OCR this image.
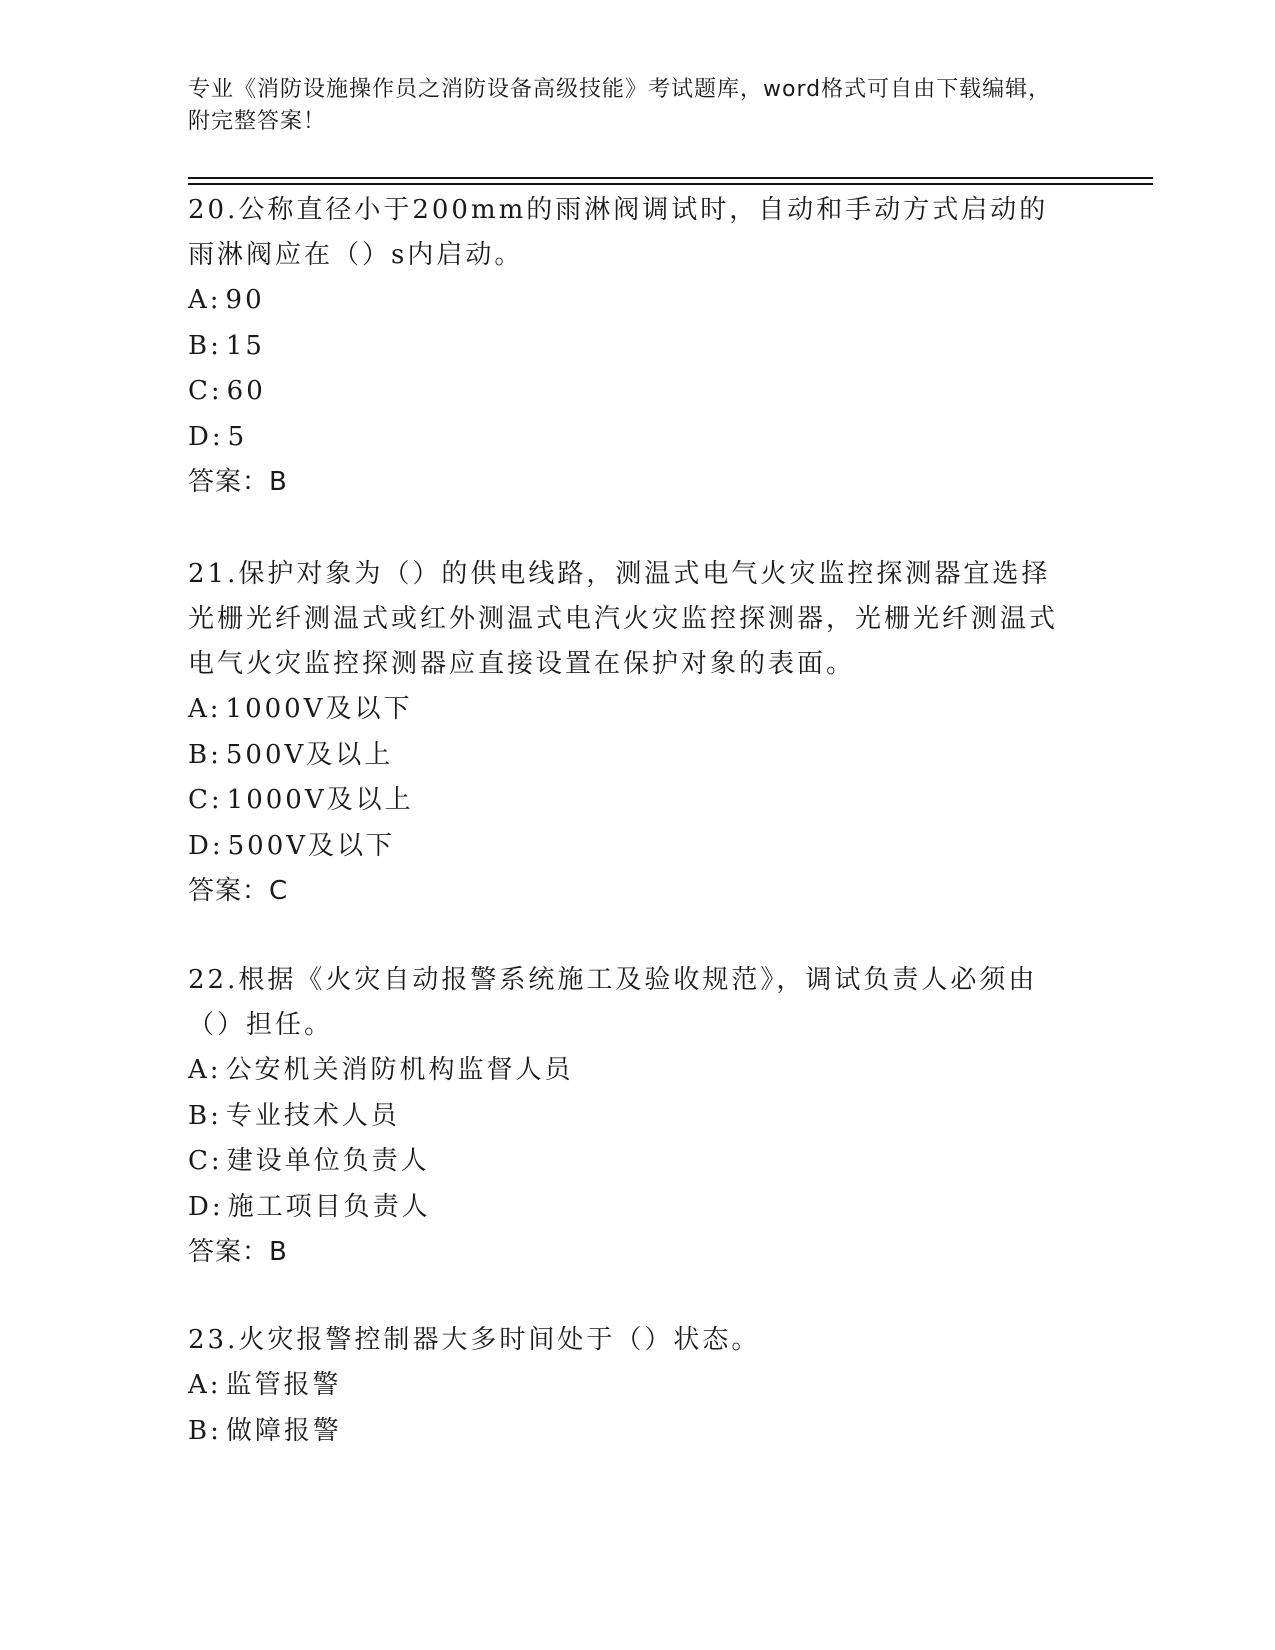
专业《消防设施操作员之消防设备高级技能》考试题库，word格式可自由下载编辑，附完整答案！

20.公称直径小于200mm的雨淋阀调试时，自动和手动方式启动的雨淋阀应在（）s内启动。

A: 90

B: 15

C: 60

D: 5

答案：B

21.保护对象为（）的供电线路，测温式电气火灾监控探测器宜选择光栅光纤测温式或红外测温式电汽火灾监控探测器，光栅光纤测温式电气火灾监控探测器应直接设置在保护对象的表面。

A: 1000V及以下

B: 500V及以上

C: 1000V及以上

D: 500V及以下

答案：C

22.根据《火灾自动报警系统施工及验收规范》，调试负责人必须由（）担任。

A: 公安机关消防机构监督人员

B: 专业技术人员

C: 建设单位负责人

D: 施工项目负责人

答案：B

23.火灾报警控制器大多时间处于（）状态。

A: 监管报警

B: 做障报警
